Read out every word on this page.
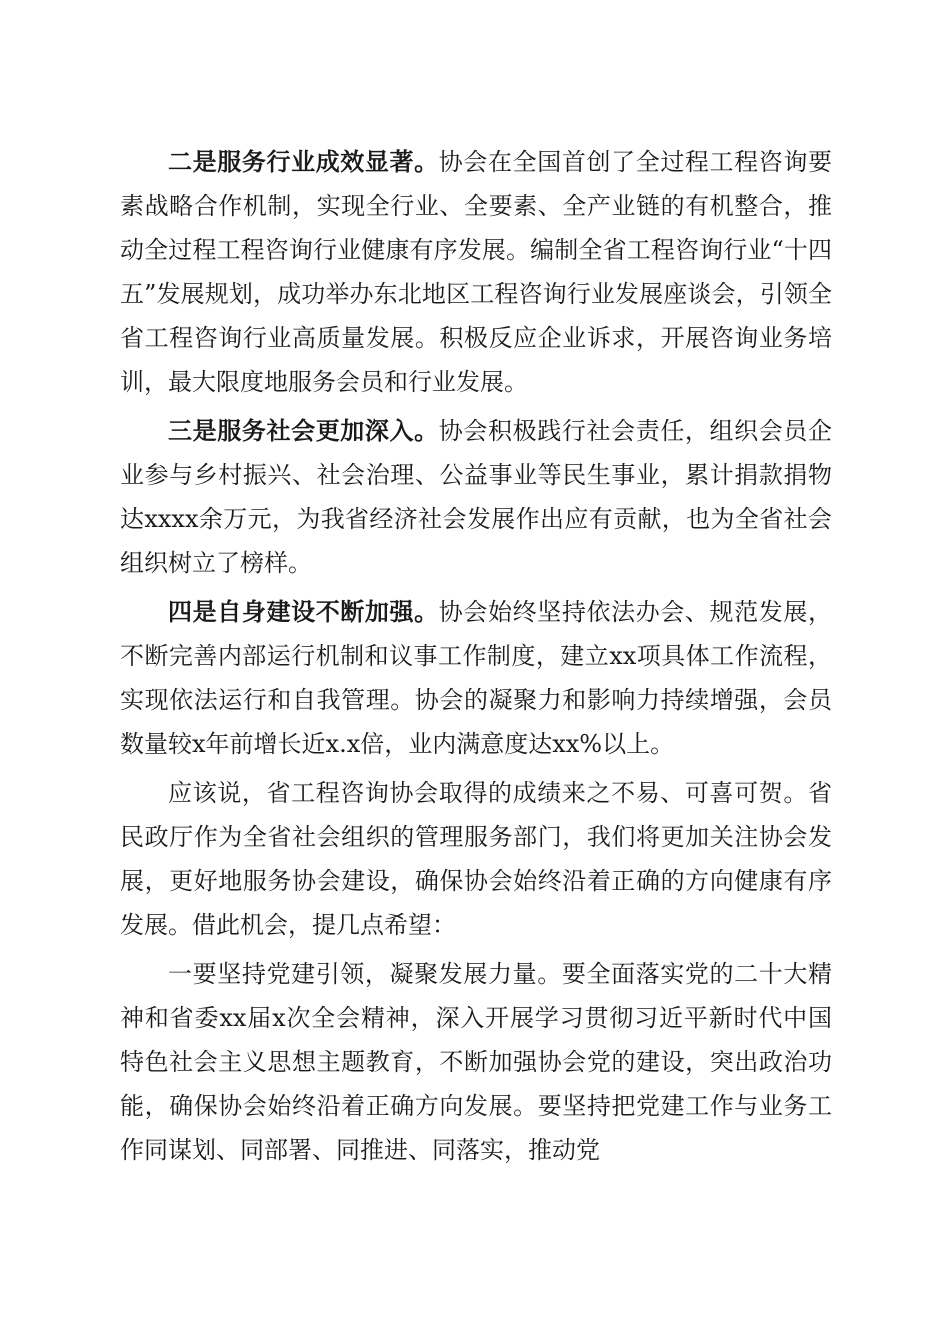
二是服务行业成效显著。协会在全国首创了全过程工程咨询要素战略合作机制，实现全行业、全要素、全产业链的有机整合，推动全过程工程咨询行业健康有序发展。编制全省工程咨询行业“十四五”发展规划，成功举办东北地区工程咨询行业发展座谈会，引领全省工程咨询行业高质量发展。积极反应企业诉求，开展咨询业务培训，最大限度地服务会员和行业发展。

三是服务社会更加深入。协会积极践行社会责任，组织会员企业参与乡村振兴、社会治理、公益事业等民生事业，累计捐款捐物达xxxx余万元，为我省经济社会发展作出应有贡献，也为全省社会组织树立了榜样。

四是自身建设不断加强。协会始终坚持依法办会、规范发展，不断完善内部运行机制和议事工作制度，建立xx项具体工作流程，实现依法运行和自我管理。协会的凝聚力和影响力持续增强，会员数量较x年前增长近x.x倍，业内满意度达xx%以上。

应该说，省工程咨询协会取得的成绩来之不易、可喜可贺。省民政厅作为全省社会组织的管理服务部门，我们将更加关注协会发展，更好地服务协会建设，确保协会始终沿着正确的方向健康有序发展。借此机会，提几点希望：

一要坚持党建引领，凝聚发展力量。要全面落实党的二十大精神和省委xx届x次全会精神，深入开展学习贯彻习近平新时代中国特色社会主义思想主题教育，不断加强协会党的建设，突出政治功能，确保协会始终沿着正确方向发展。要坚持把党建工作与业务工作同谋划、同部署、同推进、同落实，推动党
